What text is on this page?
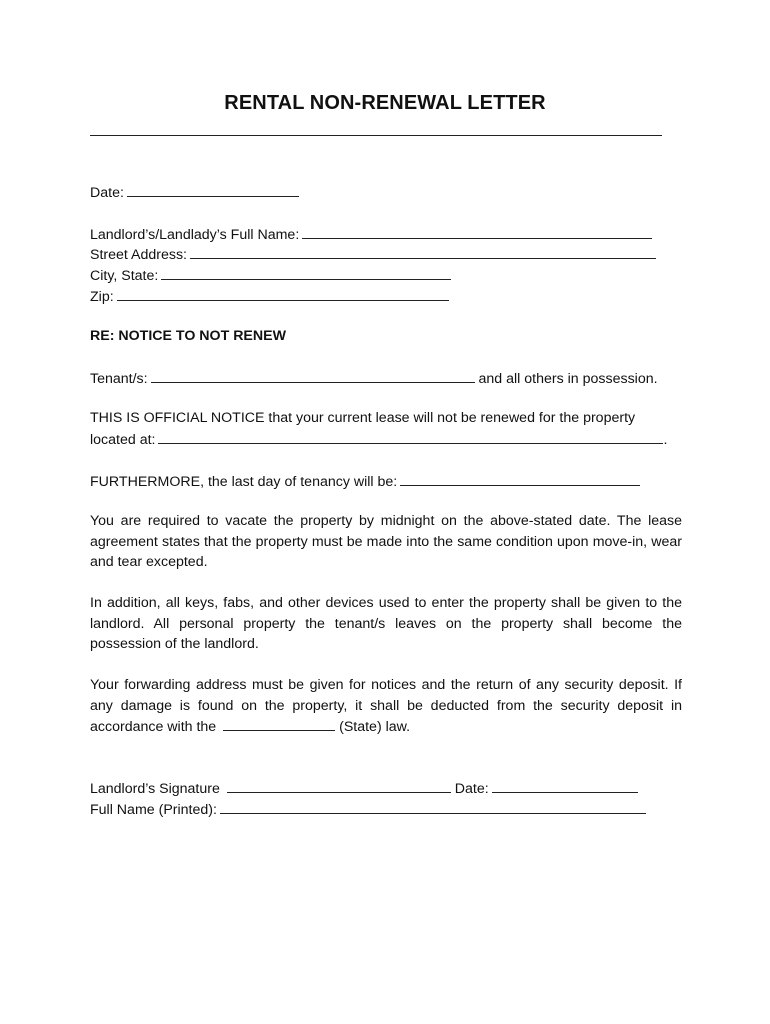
RENTAL NON-RENEWAL LETTER

Date:

Landlord’s/Landlady’s Full Name:

Street Address:

City, State:

Zip:

RE: NOTICE TO NOT RENEW

Tenant/s:	and all others in possession.

THIS IS OFFICIAL NOTICE that your current lease will not be renewed for the property

located at:	.

FURTHERMORE, the last day of tenancy will be:

You are required to vacate the property by midnight on the above-stated date. The lease agreement states that the property must be made into the same condition upon move-in, wear and tear excepted.

In addition, all keys, fabs, and other devices used to enter the property shall be given to the landlord. All personal property the tenant/s leaves on the property shall become the possession of the landlord.

Your forwarding address must be given for notices and the return of any security deposit. If any damage is found on the property, it shall be deducted from the security deposit in accordance with the	(State) law.

Landlord’s Signature	Date:

Full Name (Printed):
